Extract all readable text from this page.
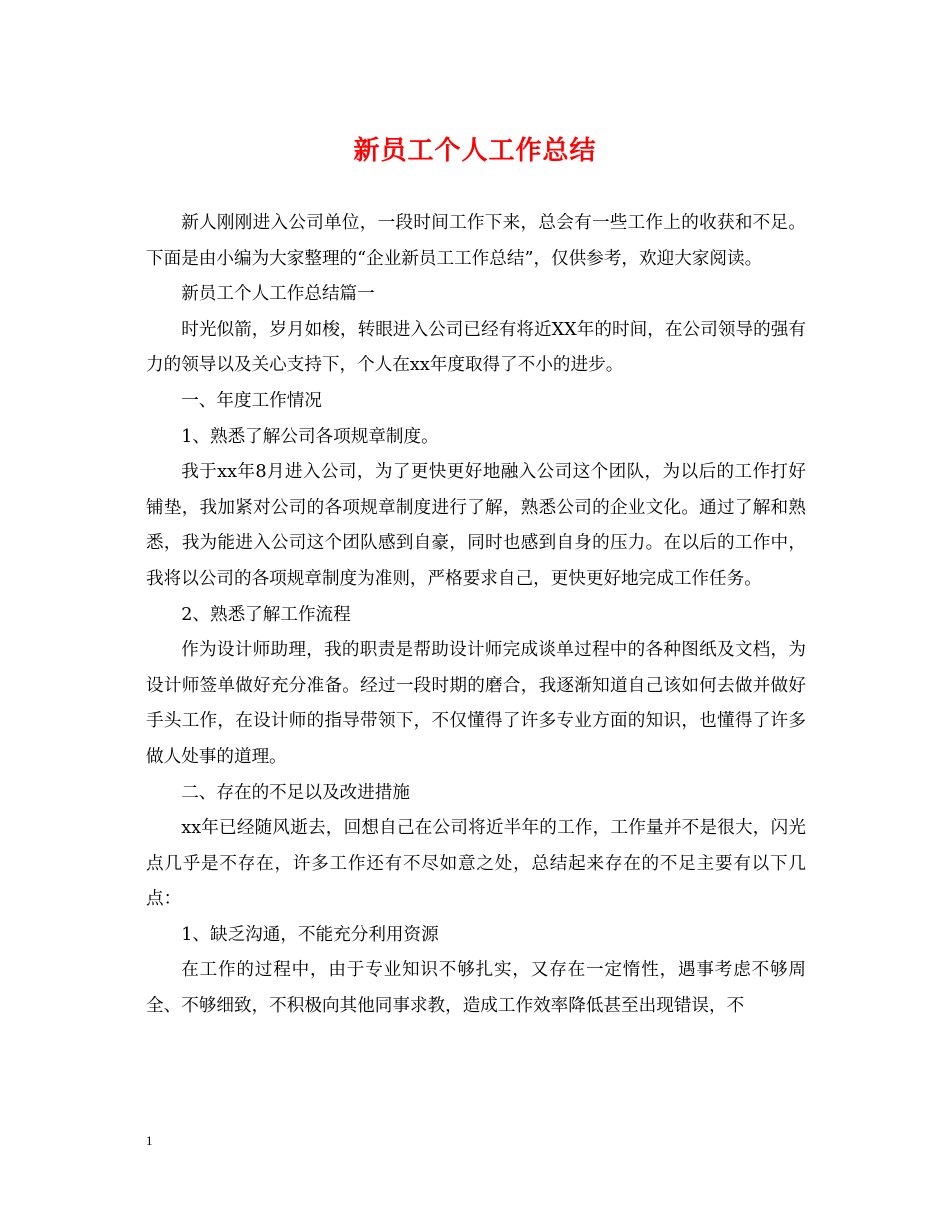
新员工个人工作总结

新人刚刚进入公司单位，一段时间工作下来，总会有一些工作上的收获和不足。下面是由小编为大家整理的“企业新员工工作总结”，仅供参考，欢迎大家阅读。

新员工个人工作总结篇一

时光似箭，岁月如梭，转眼进入公司已经有将近XX年的时间，在公司领导的强有力的领导以及关心支持下，个人在xx年度取得了不小的进步。

一、年度工作情况

1、熟悉了解公司各项规章制度。

我于xx年8月进入公司，为了更快更好地融入公司这个团队，为以后的工作打好铺垫，我加紧对公司的各项规章制度进行了解，熟悉公司的企业文化。通过了解和熟悉，我为能进入公司这个团队感到自豪，同时也感到自身的压力。在以后的工作中，我将以公司的各项规章制度为准则，严格要求自己，更快更好地完成工作任务。

2、熟悉了解工作流程

作为设计师助理，我的职责是帮助设计师完成谈单过程中的各种图纸及文档，为设计师签单做好充分准备。经过一段时期的磨合，我逐渐知道自己该如何去做并做好手头工作，在设计师的指导带领下，不仅懂得了许多专业方面的知识，也懂得了许多做人处事的道理。

二、存在的不足以及改进措施

xx年已经随风逝去，回想自己在公司将近半年的工作，工作量并不是很大，闪光点几乎是不存在，许多工作还有不尽如意之处，总结起来存在的不足主要有以下几点：

1、缺乏沟通，不能充分利用资源

在工作的过程中，由于专业知识不够扎实，又存在一定惰性，遇事考虑不够周全、不够细致，不积极向其他同事求教，造成工作效率降低甚至出现错误，不

1
